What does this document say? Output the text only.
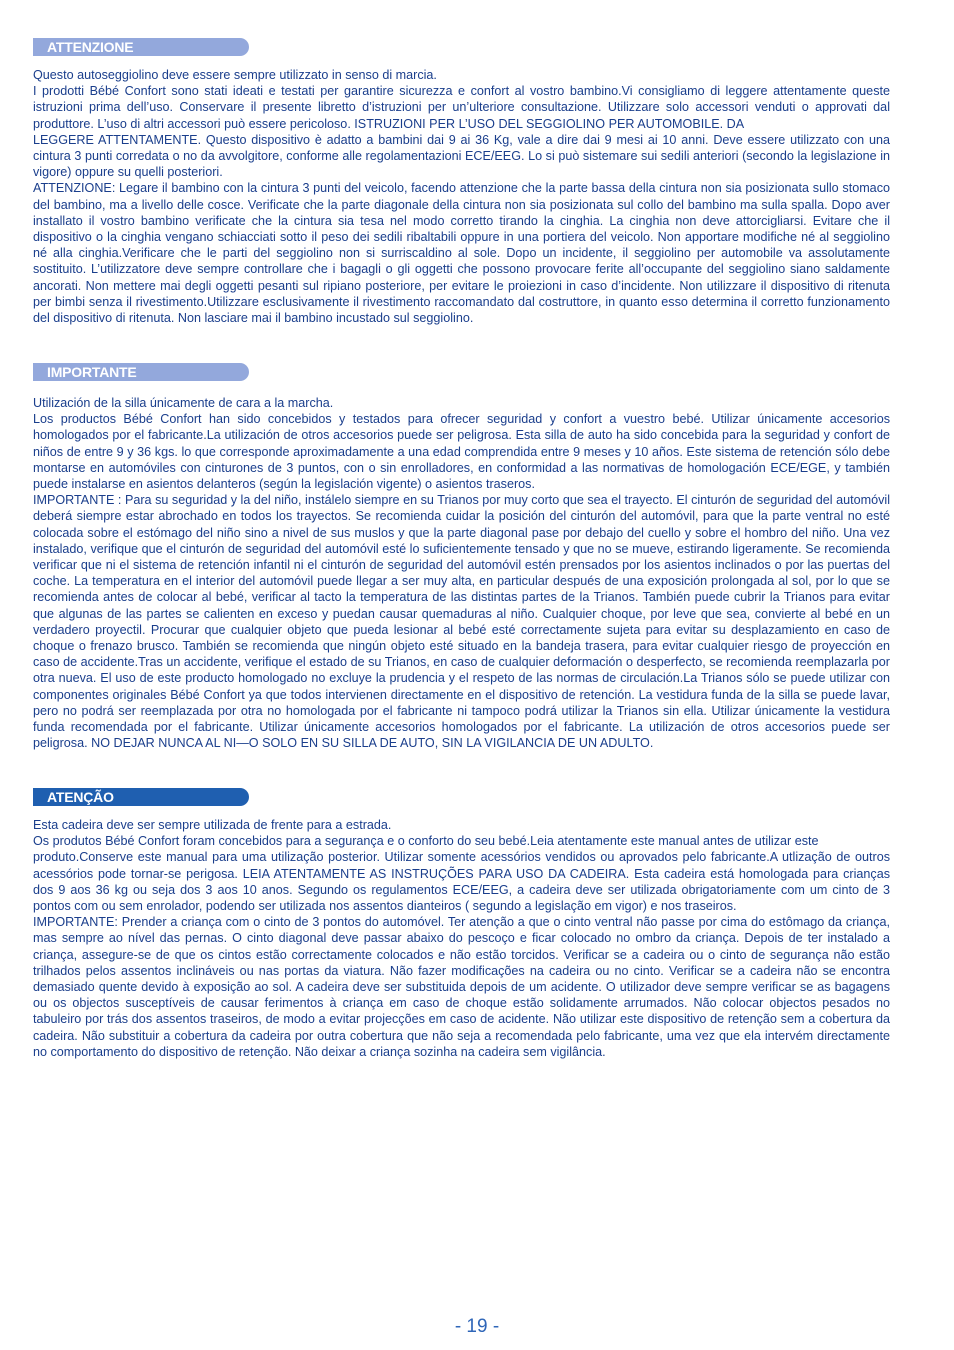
ATTENZIONE

Questo autoseggiolino deve essere sempre utilizzato in senso di marcia.

I prodotti Bébé Confort sono stati ideati e testati per garantire sicurezza e confort al vostro bambino.Vi consigliamo di leggere attentamente queste istruzioni prima dell’uso. Conservare il presente libretto d’istruzioni per un’ulteriore consultazione. Utilizzare solo accessori venduti o approvati dal produttore. L’uso di altri accessori può essere pericoloso. ISTRUZIONI PER L’USO DEL SEGGIOLINO PER AUTOMOBILE. DA

LEGGERE ATTENTAMENTE. Questo dispositivo è adatto a bambini dai 9 ai 36 Kg, vale a dire dai 9 mesi ai 10 anni. Deve essere utilizzato con una cintura 3 punti corredata o no da avvolgitore, conforme alle regolamentazioni ECE/EEG. Lo si può sistemare sui sedili anteriori (secondo la legislazione in vigore) oppure su quelli posteriori.

ATTENZIONE: Legare il bambino con la cintura 3 punti del veicolo, facendo attenzione che la parte bassa della cintura non sia posizionata sullo stomaco del bambino, ma a livello delle cosce. Verificate che la parte diagonale della cintura non sia posizionata sul collo del bambino ma sulla spalla. Dopo aver installato il vostro bambino verificate che la cintura sia tesa nel modo corretto tirando la cinghia. La cinghia non deve attorcigliarsi. Evitare che il dispositivo o la cinghia vengano schiacciati sotto il peso dei sedili ribaltabili oppure in una portiera del veicolo. Non apportare modifiche né al seggiolino né alla cinghia.Verificare che le parti del seggiolino non si surriscaldino al sole. Dopo un incidente, il seggiolino per automobile va assolutamente sostituito. L’utilizzatore deve sempre controllare che i bagagli o gli oggetti che possono provocare ferite all’occupante del seggiolino siano saldamente ancorati. Non mettere mai degli oggetti pesanti sul ripiano posteriore, per evitare le proiezioni in caso d’incidente. Non utilizzare il dispositivo di ritenuta per bimbi senza il rivestimento.Utilizzare esclusivamente il rivestimento raccomandato dal costruttore, in quanto esso determina il corretto funzionamento del dispositivo di ritenuta. Non lasciare mai il bambino incustado sul seggiolino.

IMPORTANTE

Utilización de la silla únicamente de cara a la marcha.

Los productos Bébé Confort han sido concebidos y testados para ofrecer seguridad y confort a vuestro bebé. Utilizar únicamente accesorios homologados por el fabricante.La utilización de otros accesorios puede ser peligrosa. Esta silla de auto ha sido concebida para la seguridad y confort de niños de entre 9 y 36 kgs. lo que corresponde aproximadamente a una edad comprendida entre 9 meses y 10 años. Este sistema de retención sólo debe montarse en automóviles con cinturones de 3 puntos, con o sin enrolladores, en conformidad a las normativas de homologación ECE/EGE, y también puede instalarse en asientos delanteros (según la legislación vigente) o asientos traseros.

IMPORTANTE : Para su seguridad y la del niño, instálelo siempre en su Trianos por muy corto que sea el trayecto. El cinturón de seguridad del automóvil deberá siempre estar abrochado en todos los trayectos. Se recomienda cuidar la posición del cinturón del automóvil, para que la parte ventral no esté colocada sobre el estómago del niño sino a nivel de sus muslos y que la parte diagonal pase por debajo del cuello y sobre el hombro del niño. Una vez instalado, verifique que el cinturón de seguridad del automóvil esté lo suficientemente tensado y que no se mueve, estirando ligeramente. Se recomienda verificar que ni el sistema de retención infantil ni el cinturón de seguridad del automóvil estén prensados por los asientos inclinados o por las puertas del coche. La temperatura en el interior del automóvil puede llegar a ser muy alta, en particular después de una exposición prolongada al sol, por lo que se recomienda antes de colocar al bebé, verificar al tacto la temperatura de las distintas partes de la Trianos. También puede cubrir la Trianos para evitar que algunas de las partes se calienten en exceso y puedan causar quemaduras al niño. Cualquier choque, por leve que sea, convierte al bebé en un verdadero proyectil. Procurar que cualquier objeto que pueda lesionar al bebé esté correctamente sujeta para evitar su desplazamiento en caso de choque o frenazo brusco. También se recomienda que ningún objeto esté situado en la bandeja trasera, para evitar cualquier riesgo de proyección en caso de accidente.Tras un accidente, verifique el estado de su Trianos, en caso de cualquier deformación o desperfecto, se recomienda reemplazarla por otra nueva. El uso de este producto homologado no excluye la prudencia y el respeto de las normas de circulación.La Trianos sólo se puede utilizar con componentes originales Bébé Confort ya que todos intervienen directamente en el dispositivo de retención. La vestidura funda de la silla se puede lavar, pero no podrá ser reemplazada por otra no homologada por el fabricante ni tampoco podrá utilizar la Trianos sin ella. Utilizar únicamente la vestidura funda recomendada por el fabricante. Utilizar únicamente accesorios homologados por el fabricante. La utilización de otros accesorios puede ser peligrosa. NO DEJAR NUNCA AL NI—O SOLO EN SU SILLA DE AUTO, SIN LA VIGILANCIA DE UN ADULTO.

ATENÇÃO

Esta cadeira deve ser sempre utilizada de frente para a estrada.

Os produtos Bébé Confort foram concebidos para a segurança e o conforto do seu bebé.Leia atentamente este manual antes de utilizar este

produto.Conserve este manual para uma utilização posterior. Utilizar somente acessórios vendidos ou aprovados pelo fabricante.A utlização de outros acessórios pode tornar-se perigosa. LEIA ATENTAMENTE AS INSTRUÇÕES PARA USO DA CADEIRA. Esta cadeira está homologada para crianças dos 9 aos 36 kg ou seja dos 3 aos 10 anos. Segundo os regulamentos ECE/EEG, a cadeira deve ser utilizada obrigatoriamente com um cinto de 3 pontos com ou sem enrolador, podendo ser utilizada nos assentos dianteiros ( segundo a legislação em vigor) e nos traseiros.

IMPORTANTE: Prender a criança com o cinto de 3 pontos do automóvel. Ter atenção a que o cinto ventral não passe por cima do estômago da criança, mas sempre ao nível das pernas. O cinto diagonal deve passar abaixo do pescoço e ficar colocado no ombro da criança. Depois de ter instalado a criança, assegure-se de que os cintos estão correctamente colocados e não estão torcidos. Verificar se a cadeira ou o cinto de segurança não estão trilhados pelos assentos inclináveis ou nas portas da viatura. Não fazer modificações na cadeira ou no cinto. Verificar se a cadeira não se encontra demasiado quente devido à exposição ao sol. A cadeira deve ser substituida depois de um acidente. O utilizador deve sempre verificar se as bagagens ou os objectos susceptíveis de causar ferimentos à criança em caso de choque estão solidamente arrumados. Não colocar objectos pesados no tabuleiro por trás dos assentos traseiros, de modo a evitar projecções em caso de acidente. Não utilizar este dispositivo de retenção sem a cobertura da cadeira. Não substituir a cobertura da cadeira por outra cobertura que não seja a recomendada pelo fabricante, uma vez que ela intervém directamente no comportamento do dispositivo de retenção. Não deixar a criança sozinha na cadeira sem vigilância.

- 19 -
